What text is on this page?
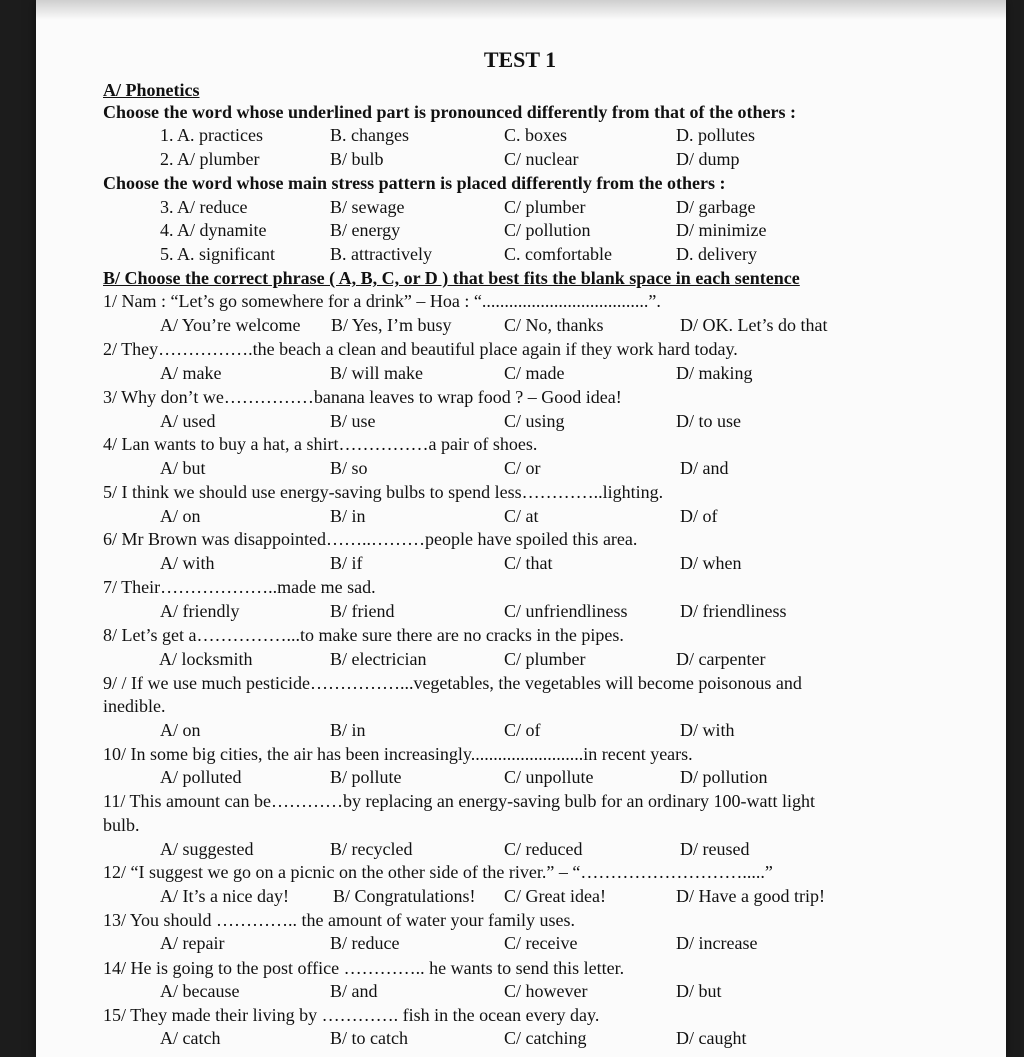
TEST 1
A/ Phonetics
Choose the word whose underlined part is pronounced differently from that of the others :
1. A. practices	B. changes	C. boxes	D. pollutes
2. A/ plumber	B/ bulb	C/ nuclear	D/ dump
Choose the word whose main stress pattern is placed differently from the others :
3. A/ reduce	B/ sewage	C/ plumber	D/ garbage
4. A/ dynamite	B/ energy	C/ pollution	D/ minimize
5. A. significant	B. attractively	C. comfortable	D. delivery
B/ Choose the correct phrase ( A, B, C, or D ) that best fits the blank space in each sentence
1/ Nam : “Let’s go somewhere for a drink” – Hoa : “.....................................”.
A/ You’re welcome B/ Yes, I’m busy	C/ No, thanks	D/ OK. Let’s do that
2/ They…………….the beach a clean and beautiful place again if they work hard today.
A/ make	B/ will make	C/ made	D/ making
3/ Why don’t we……………banana leaves to wrap food ? – Good idea!
A/ used	B/ use	C/ using	D/ to use
4/ Lan wants to buy a hat, a shirt……………a pair of shoes.
A/ but	B/ so	C/ or	D/ and
5/ I think we should use energy-saving bulbs to spend less…………..lighting.
A/ on	B/ in	C/ at	D/ of
6/ Mr Brown was disappointed……..………people have spoiled this area.
A/ with	B/ if	C/ that	D/ when
7/ Their………………..made me sad.
A/ friendly	B/ friend	C/ unfriendliness	D/ friendliness
8/ Let’s get a……………...to make sure there are no cracks in the pipes.
A/ locksmith	B/ electrician	C/ plumber	D/ carpenter
9/ / If we use much pesticide……………...vegetables, the vegetables will become poisonous and
inedible.
A/ on	B/ in	C/ of	D/ with
10/ In some big cities, the air has been increasingly.........................in recent years.
A/ polluted	B/ pollute	C/ unpollute	D/ pollution
11/ This amount can be…………by replacing an energy-saving bulb for an ordinary 100-watt light
bulb.
A/ suggested	B/ recycled	C/ reduced	D/ reused
12/ “I suggest we go on a picnic on the other side of the river.” – “……………………….....”
A/ It’s a nice day! B/ Congratulations! C/ Great idea!	D/ Have a good trip!
13/ You should ………….. the amount of water your family uses.
A/ repair	B/ reduce	C/ receive	D/ increase
14/ He is going to the post office ………….. he wants to send this letter.
A/ because	B/ and	C/ however	D/ but
15/ They made their living by …………. fish in the ocean every day.
A/ catch	B/ to catch	C/ catching	D/ caught
